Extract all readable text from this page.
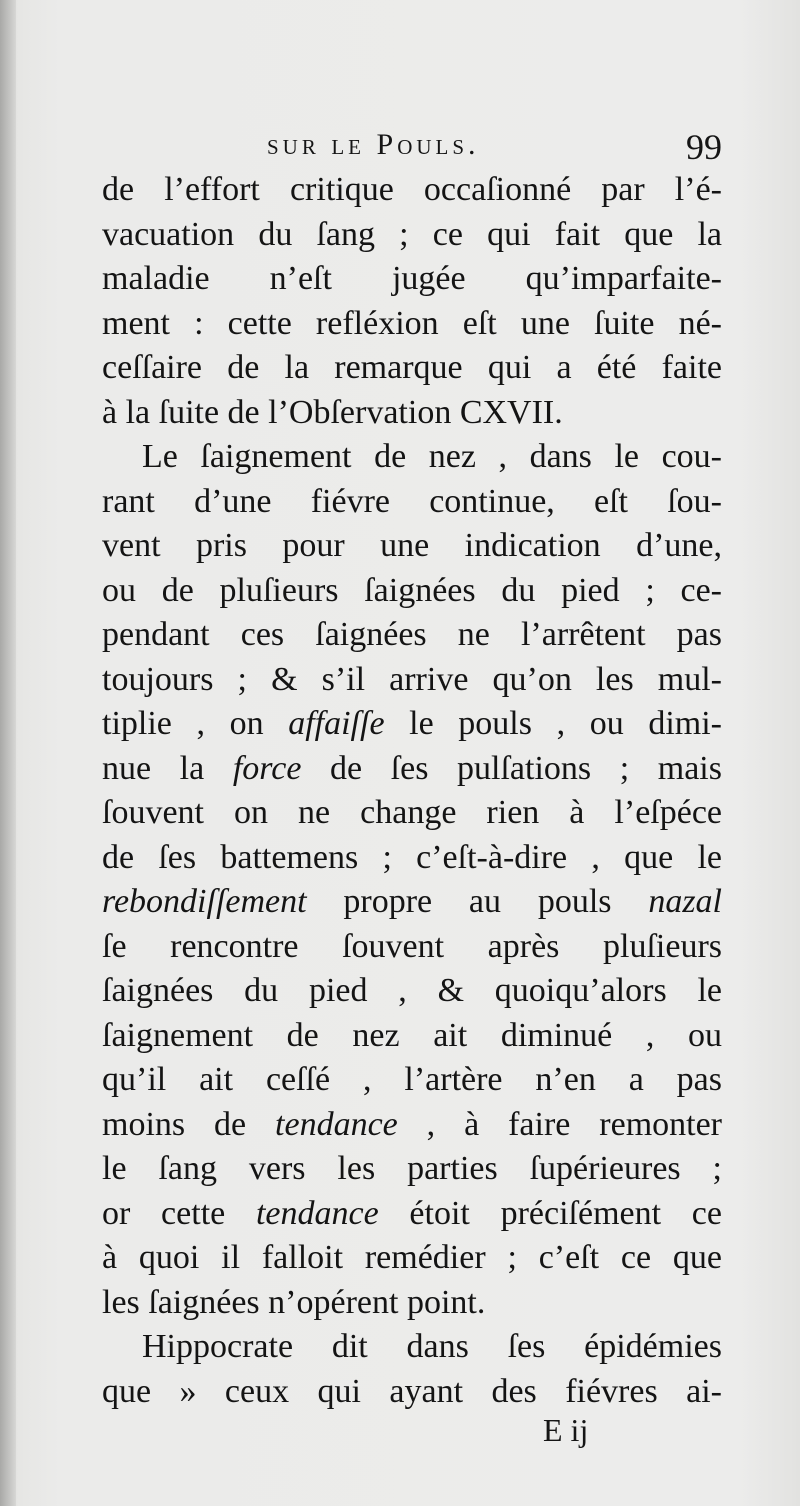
sur le Pouls.	99
de l’effort critique occaſionné par l’é-
vacuation du ſang ; ce qui fait que la
maladie n’eſt jugée qu’imparfaite-
ment : cette refléxion eſt une ſuite né-
ceſſaire de la remarque qui a été faite
à la ſuite de l’Obſervation CXVII.
Le ſaignement de nez , dans le cou-
rant d’une fiévre continue, eſt ſou-
vent pris pour une indication d’une,
ou de pluſieurs ſaignées du pied ; ce-
pendant ces ſaignées ne l’arrêtent pas
toujours ; & s’il arrive qu’on les mul-
tiplie , on affaiſſe le pouls , ou dimi-
nue la force de ſes pulſations ; mais
ſouvent on ne change rien à l’eſpéce
de ſes battemens ; c’eſt-à-dire , que le
rebondiſſement propre au pouls nazal
ſe rencontre ſouvent après pluſieurs
ſaignées du pied , & quoiqu’alors le
ſaignement de nez ait diminué , ou
qu’il ait ceſſé , l’artère n’en a pas
moins de tendance , à faire remonter
le ſang vers les parties ſupérieures ;
or cette tendance étoit préciſément ce
à quoi il falloit remédier ; c’eſt ce que
les ſaignées n’opérent point.
Hippocrate dit dans ſes épidémies
que » ceux qui ayant des fiévres ai-
E ij
